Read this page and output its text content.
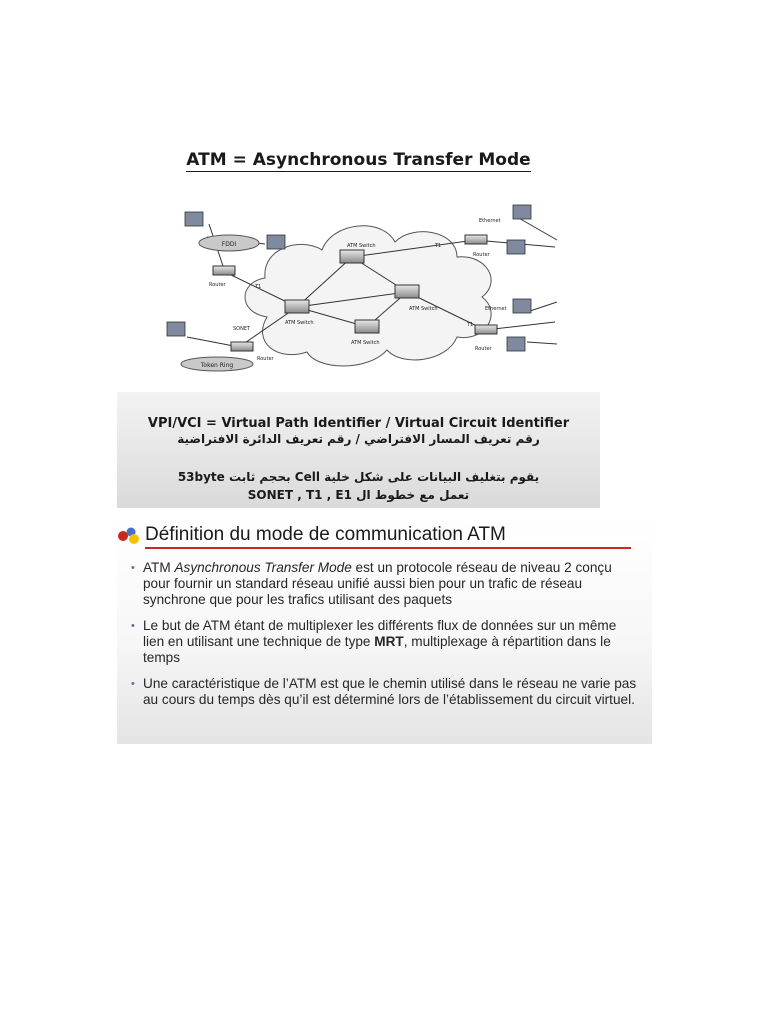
ATM = Asynchronous Transfer Mode
FDDI
Token Ring
Router	T1
SONET
Router
ATM Switch
ATM Switch
ATM Switch
ATM Switch
T1
Ethernet
Router
Ethernet
T1
Router
VPI/VCI = Virtual Path Identifier / Virtual Circuit Identifier
رقم تعريف المسار الافتراضي / رقم تعريف الدائرة الافتراضية
يقوم بتغليف البيانات على شكل خلية Cell بحجم ثابت 53byte
تعمل مع خطوط ال SONET , T1 , E1
Définition du mode de communication ATM
• ATM Asynchronous Transfer Mode est un protocole réseau de niveau 2 conçu pour fournir un standard réseau unifié aussi bien pour un trafic de réseau synchrone que pour les trafics utilisant des paquets
• Le but de ATM étant de multiplexer les différents flux de données sur un même lien en utilisant une technique de type MRT, multiplexage à répartition dans le temps
• Une caractéristique de l’ATM est que le chemin utilisé dans le réseau ne varie pas au cours du temps dès qu’il est déterminé lors de l’établissement du circuit virtuel.
